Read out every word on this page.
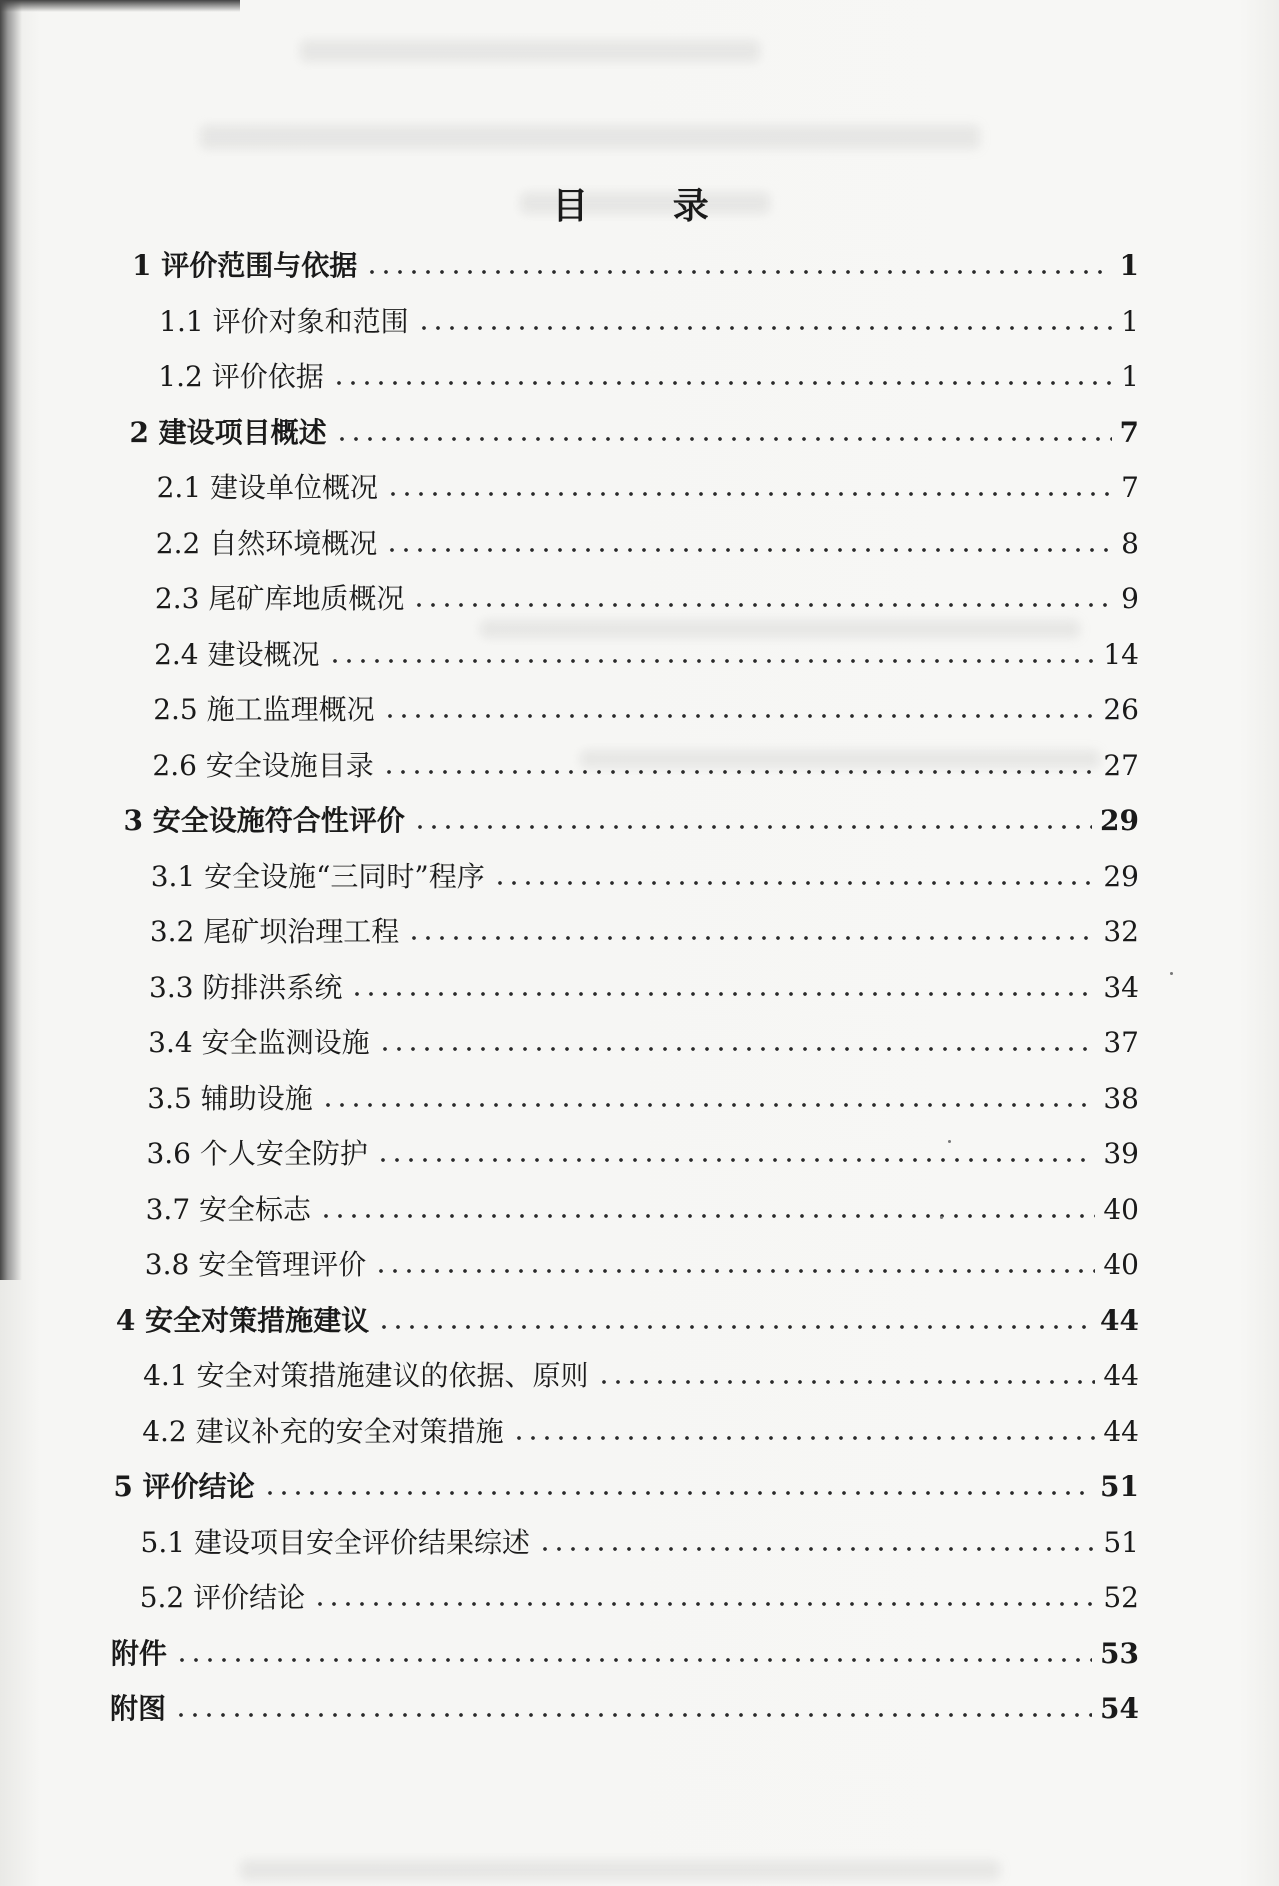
目 录
1 评价范围与依据	1
1.1 评价对象和范围	1
1.2 评价依据	1
2 建设项目概述	7
2.1 建设单位概况	7
2.2 自然环境概况	8
2.3 尾矿库地质概况	9
2.4 建设概况	14
2.5 施工监理概况	26
2.6 安全设施目录	27
3 安全设施符合性评价	29
3.1 安全设施“三同时”程序	29
3.2 尾矿坝治理工程	32
3.3 防排洪系统	34
3.4 安全监测设施	37
3.5 辅助设施	38
3.6 个人安全防护	39
3.7 安全标志	40
3.8 安全管理评价	40
4 安全对策措施建议	44
4.1 安全对策措施建议的依据、原则	44
4.2 建议补充的安全对策措施	44
5 评价结论	51
5.1 建设项目安全评价结果综述	51
5.2 评价结论	52
附件	53
附图	54
